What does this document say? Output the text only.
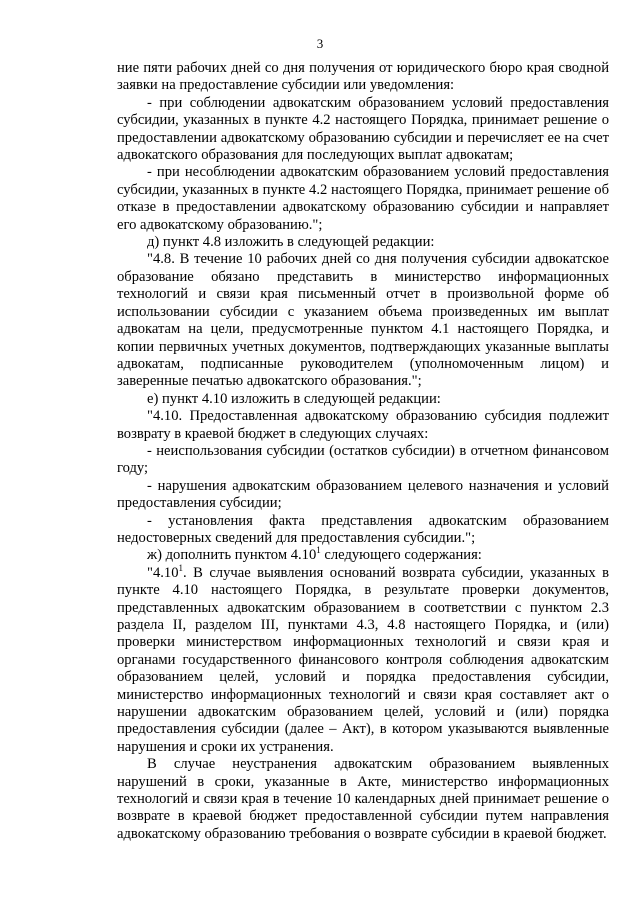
3

ние пяти рабочих дней со дня получения от юридического бюро края сводной заявки на предоставление субсидии или уведомления:

- при соблюдении адвокатским образованием условий предоставления субсидии, указанных в пункте 4.2 настоящего Порядка, принимает решение о предоставлении адвокатскому образованию субсидии и перечисляет ее на счет адвокатского образования для последующих выплат адвокатам;

- при несоблюдении адвокатским образованием условий предоставления субсидии, указанных в пункте 4.2 настоящего Порядка, принимает решение об отказе в предоставлении адвокатскому образованию субсидии и направляет его адвокатскому образованию.";

д) пункт 4.8 изложить в следующей редакции:

"4.8. В течение 10 рабочих дней со дня получения субсидии адвокатское образование обязано представить в министерство информационных технологий и связи края письменный отчет в произвольной форме об использовании субсидии с указанием объема произведенных им выплат адвокатам на цели, предусмотренные пунктом 4.1 настоящего Порядка, и копии первичных учетных документов, подтверждающих указанные выплаты адвокатам, подписанные руководителем (уполномоченным лицом) и заверенные печатью адвокатского образования.";

е) пункт 4.10 изложить в следующей редакции:

"4.10. Предоставленная адвокатскому образованию субсидия подлежит возврату в краевой бюджет в следующих случаях:

- неиспользования субсидии (остатков субсидии) в отчетном финансовом году;

- нарушения адвокатским образованием целевого назначения и условий предоставления субсидии;

- установления факта представления адвокатским образованием недостоверных сведений для предоставления субсидии.";

ж) дополнить пунктом 4.10$^1$ следующего содержания:

"4.10$^1$. В случае выявления оснований возврата субсидии, указанных в пункте 4.10 настоящего Порядка, в результате проверки документов, представленных адвокатским образованием в соответствии с пунктом 2.3 раздела II, разделом III, пунктами 4.3, 4.8 настоящего Порядка, и (или) проверки министерством информационных технологий и связи края и органами государственного финансового контроля соблюдения адвокатским образованием целей, условий и порядка предоставления субсидии, министерство информационных технологий и связи края составляет акт о нарушении адвокатским образованием целей, условий и (или) порядка предоставления субсидии (далее – Акт), в котором указываются выявленные нарушения и сроки их устранения.

В случае неустранения адвокатским образованием выявленных нарушений в сроки, указанные в Акте, министерство информационных технологий и связи края в течение 10 календарных дней принимает решение о возврате в краевой бюджет предоставленной субсидии путем направления адвокатскому образованию требования о возврате субсидии в краевой бюджет.
